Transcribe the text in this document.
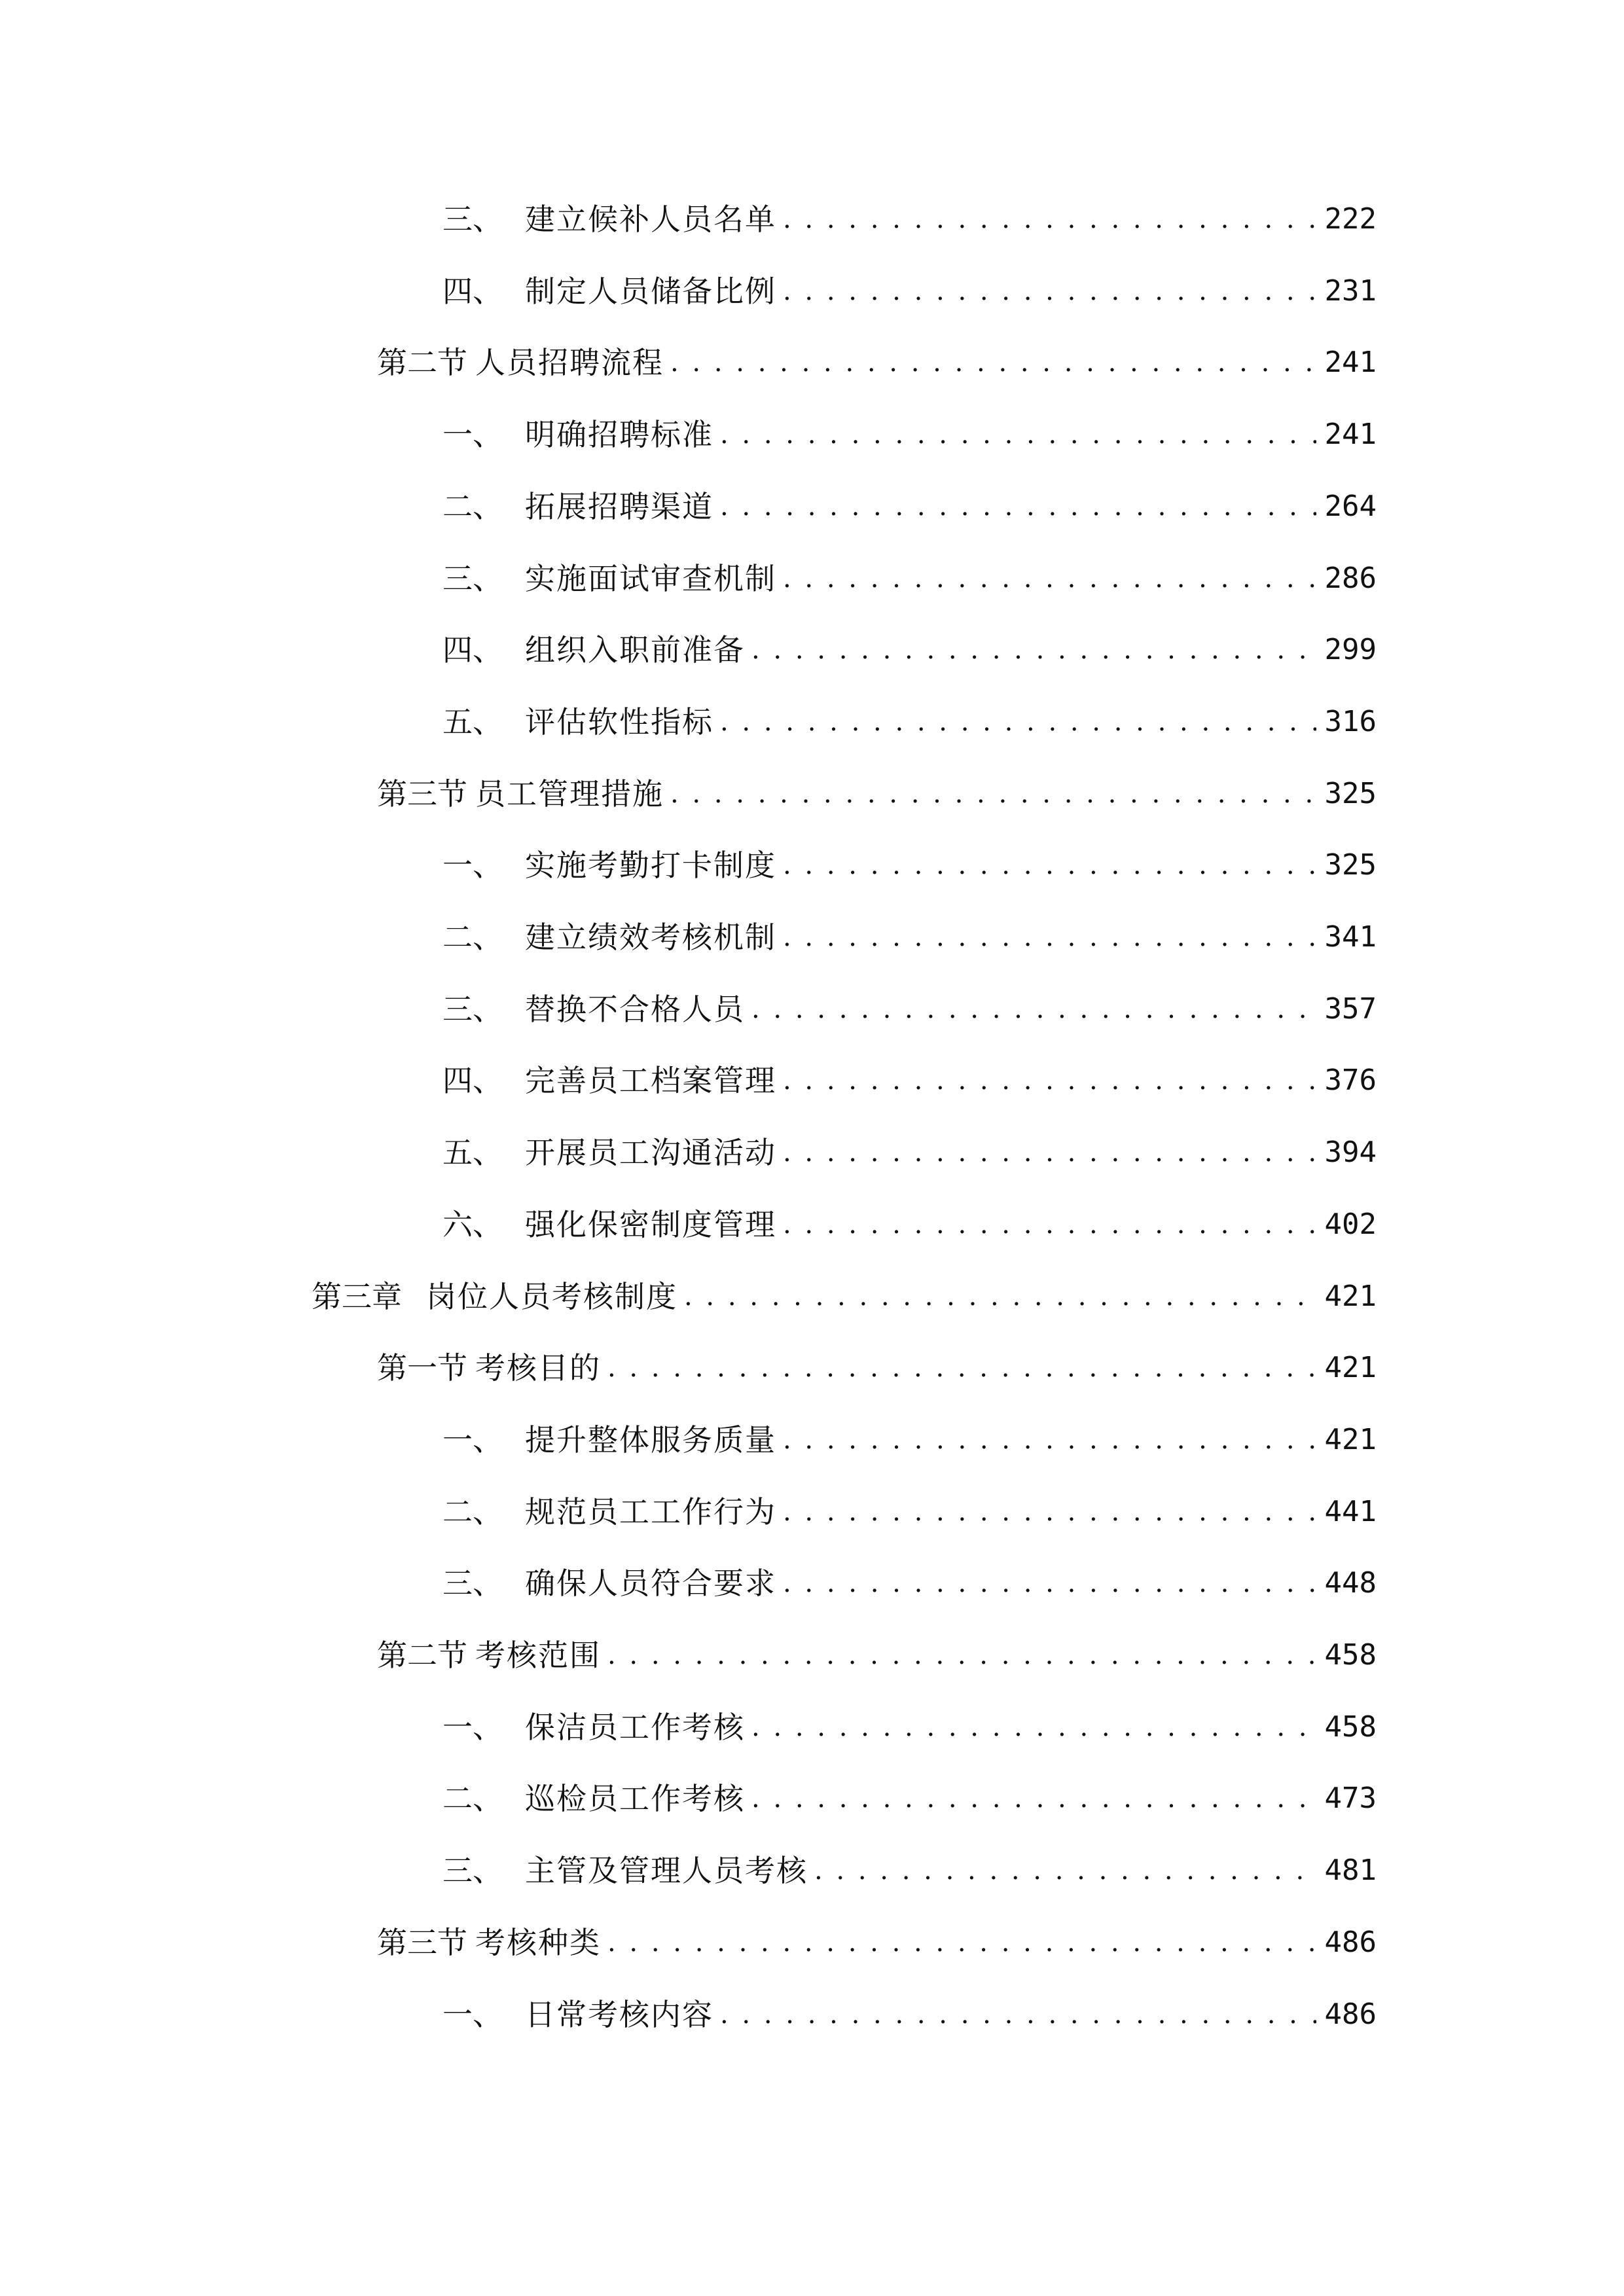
三、 建立候补人员名单 . . .	222
四、 制定人员储备比例 . . .	231
第二节 人员招聘流程 . . .	241
一、 明确招聘标准 . . .	241
二、 拓展招聘渠道 . . .	264
三、 实施面试审查机制 . . .	286
四、 组织入职前准备 . . .	299
五、 评估软性指标 . . .	316
第三节 员工管理措施 . . .	325
一、 实施考勤打卡制度 . . .	325
二、 建立绩效考核机制 . . .	341
三、 替换不合格人员 . . .	357
四、 完善员工档案管理 . . .	376
五、 开展员工沟通活动 . . .	394
六、 强化保密制度管理 . . .	402
第三章 岗位人员考核制度 . . .	421
第一节 考核目的 . . .	421
一、 提升整体服务质量 . . .	421
二、 规范员工工作行为 . . .	441
三、 确保人员符合要求 . . .	448
第二节 考核范围 . . .	458
一、 保洁员工作考核 . . .	458
二、 巡检员工作考核 . . .	473
三、 主管及管理人员考核 . . .	481
第三节 考核种类 . . .	486
一、 日常考核内容 . . .	486
